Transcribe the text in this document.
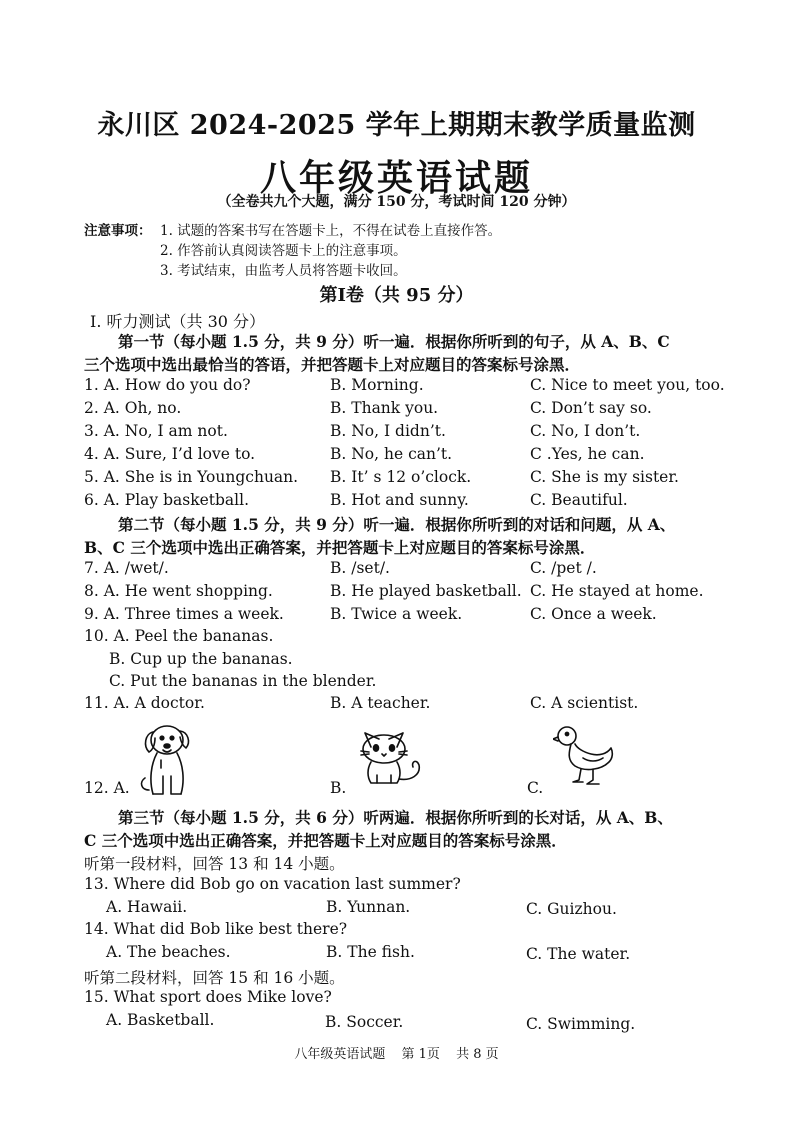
永川区 2024-2025 学年上期期末教学质量监测
八年级英语试题
（全卷共九个大题，满分 150 分，考试时间 120 分钟）
注意事项： 1. 试题的答案书写在答题卡上，不得在试卷上直接作答。
2. 作答前认真阅读答题卡上的注意事项。
3. 考试结束，由监考人员将答题卡收回。
第Ⅰ卷（共 95 分）
Ⅰ. 听力测试（共 30 分）
第一节（每小题 1.5 分，共 9 分）听一遍．根据你所听到的句子，从 A、B、C
三个选项中选出最恰当的答语，并把答题卡上对应题目的答案标号涂黑．
1. A. How do you do?	B. Morning.	C. Nice to meet you, too.
2. A. Oh, no.	B. Thank you.	C. Don’t say so.
3. A. No, I am not.	B. No, I didn’t.	C. No, I don’t.
4. A. Sure, I’d love to.	B. No, he can’t.	C .Yes, he can.
5. A. She is in Youngchuan. B. It’ s 12 o’clock.	C. She is my sister.
6. A. Play basketball.	B. Hot and sunny.	C. Beautiful.
第二节（每小题 1.5 分，共 9 分）听一遍．根据你所听到的对话和问题，从 A、
B、C 三个选项中选出正确答案，并把答题卡上对应题目的答案标号涂黑．
7. A. /wet/.	B. /set/.	C. /pet /.
8. A. He went shopping.	B. He played basketball. C. He stayed at home.
9. A. Three times a week.	B. Twice a week.	C. Once a week.
10. A. Peel the bananas.
B. Cup up the bananas.
C. Put the bananas in the blender.
11. A. A doctor.	B. A teacher.	C. A scientist.
12. A.	B.	C.
第三节（每小题 1.5 分，共 6 分）听两遍．根据你所听到的长对话，从 A、B、
C 三个选项中选出正确答案，并把答题卡上对应题目的答案标号涂黑．
听第一段材料，回答 13 和 14 小题。
13. Where did Bob go on vacation last summer?
A. Hawaii.	B. Yunnan.	C. Guizhou.
14. What did Bob like best there?
A. The beaches.	B. The fish.	C. The water.
听第二段材料，回答 15 和 16 小题。
15. What sport does Mike love?
A. Basketball.	B. Soccer.	C. Swimming.
八年级英语试题 第 1页 共 8 页
